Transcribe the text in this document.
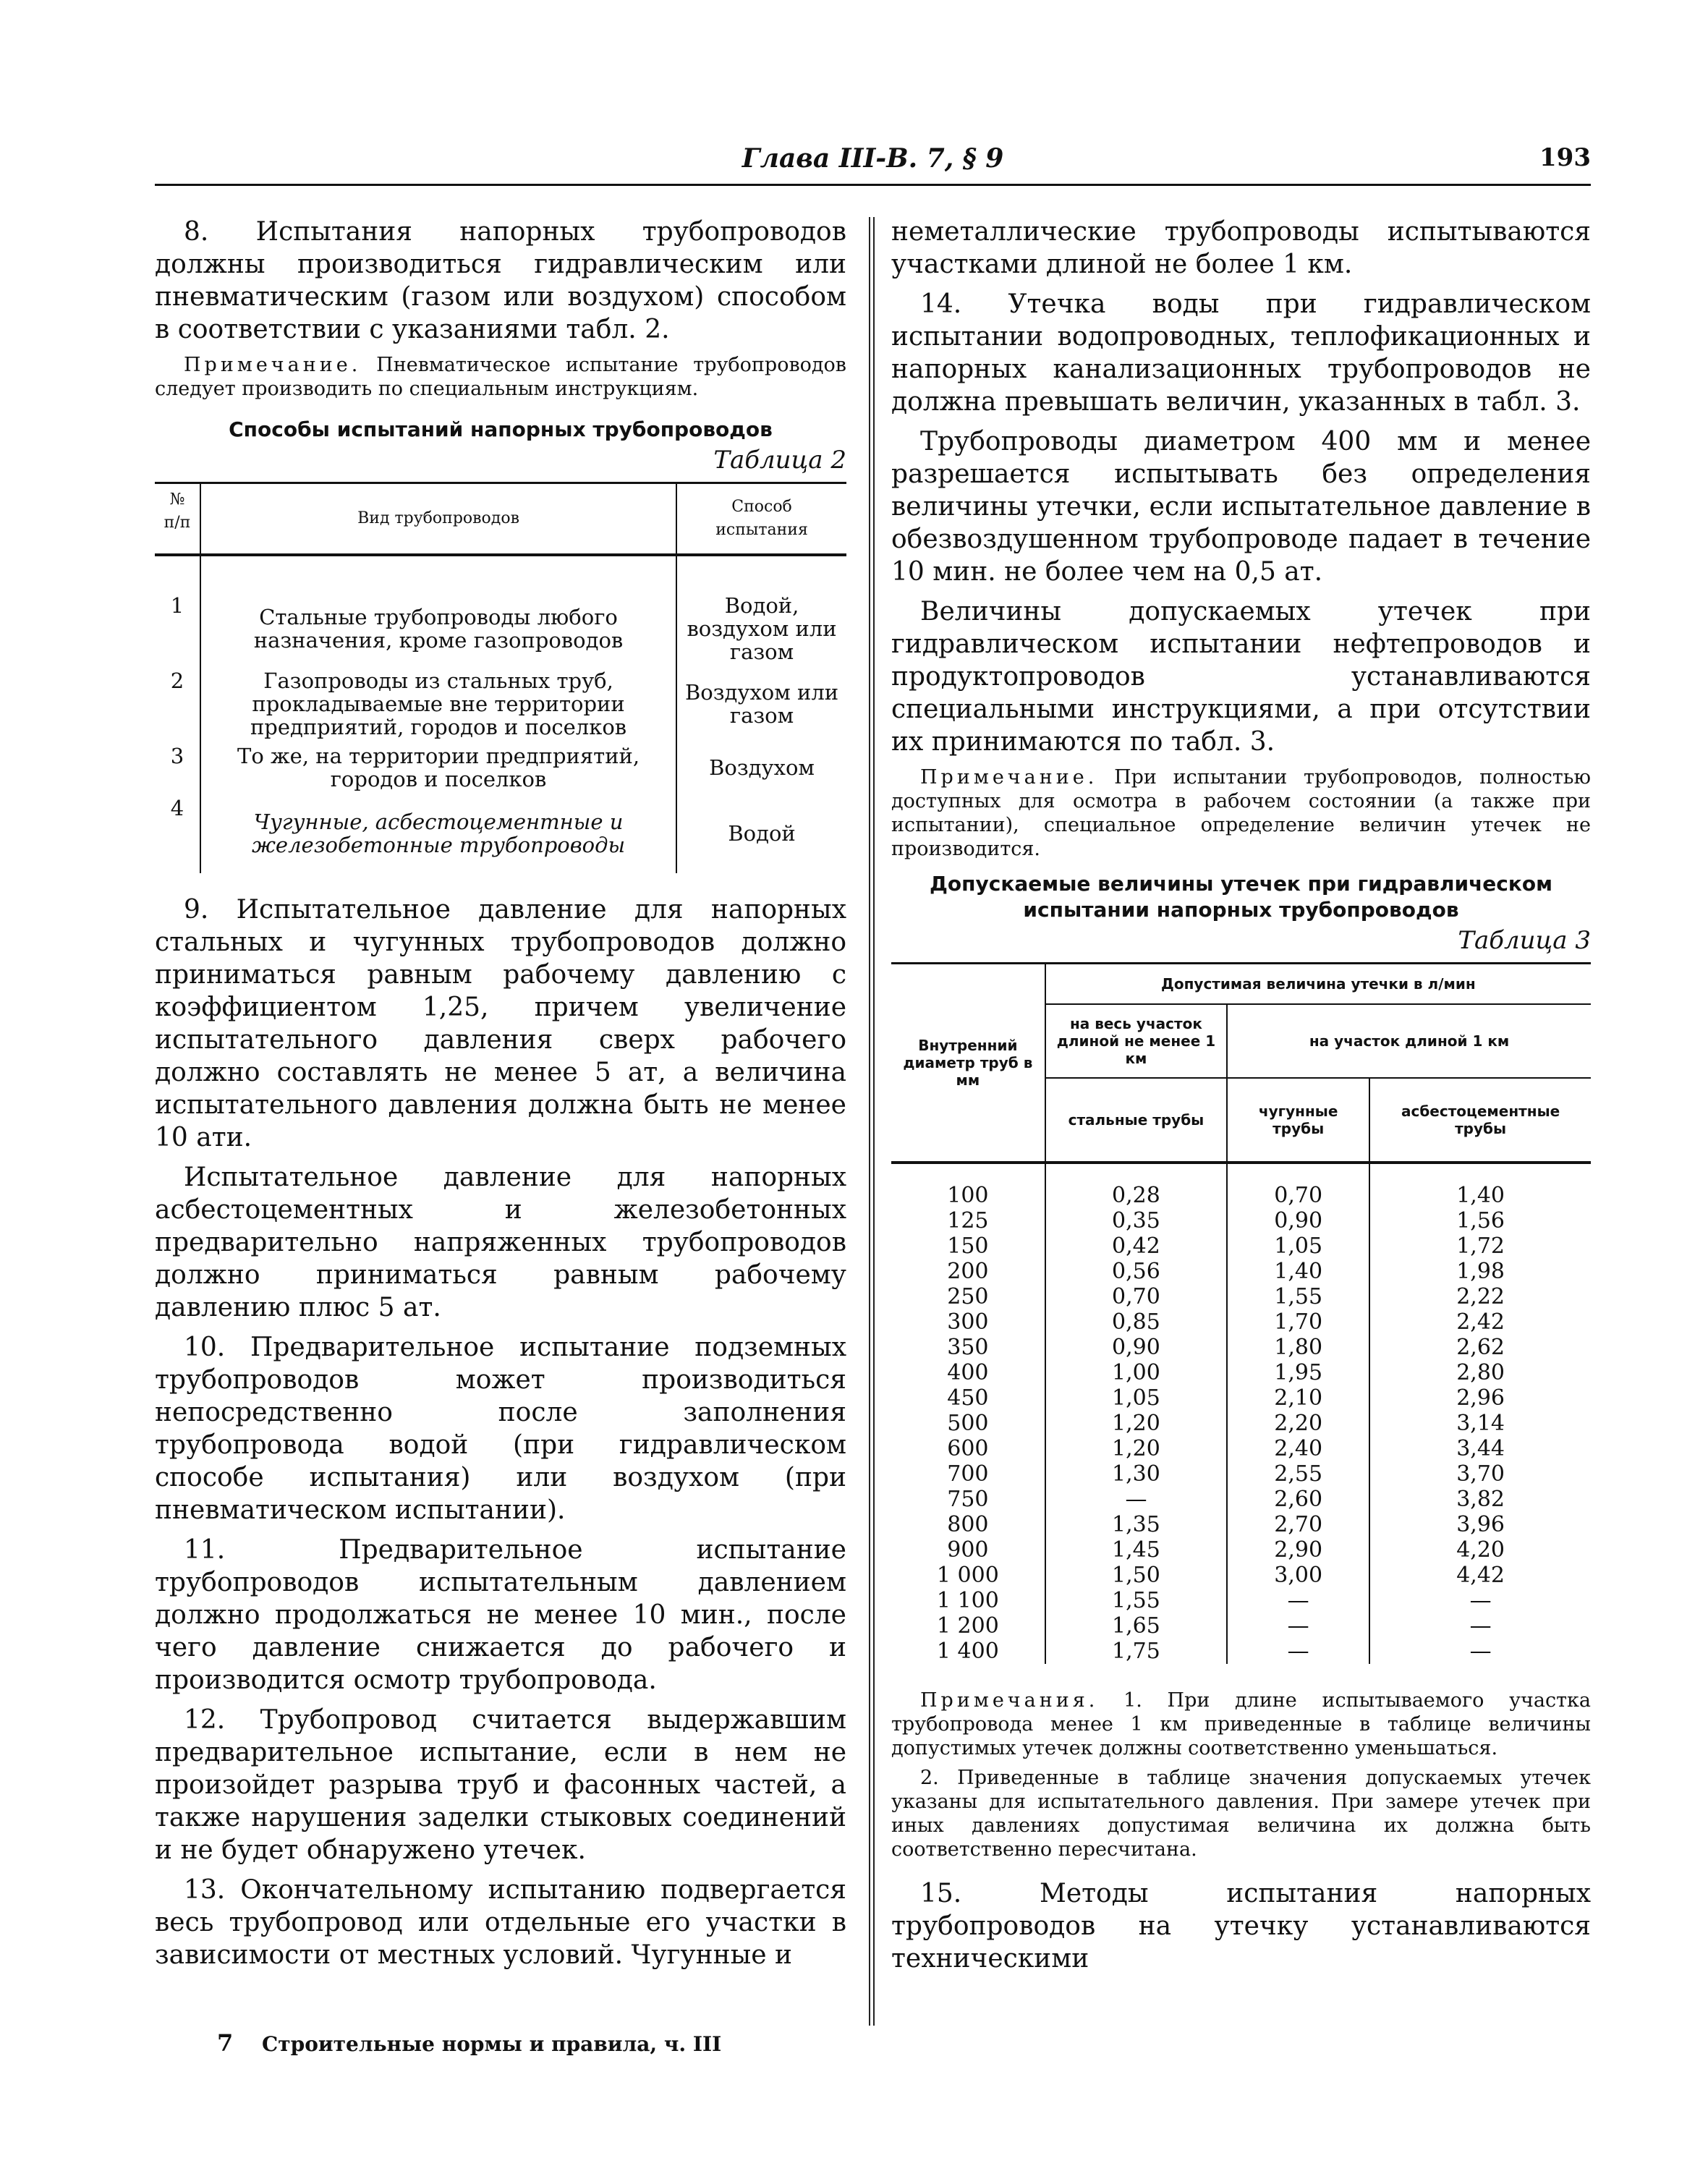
Глава III-В. 7, § 9	193

8. Испытания напорных трубопроводов должны производиться гидравлическим или пневматическим (газом или воздухом) способом в соответствии с указаниями табл. 2.

Примечание. Пневматическое испытание трубопроводов следует производить по специальным инструкциям.

Способы испытаний напорных трубопроводов
Таблица 2
№ п/п	Вид трубопроводов	Способ испытания
1	Стальные трубопроводы любого назначения, кроме газопроводов	Водой, воздухом или газом
2	Газопроводы из стальных труб, прокладываемые вне территории предприятий, городов и поселков	Воздухом или газом
3	То же, на территории предприятий, городов и поселков	Воздухом
4	Чугунные, асбестоцементные и железобетонные трубопроводы	Водой

9. Испытательное давление для напорных стальных и чугунных трубопроводов должно приниматься равным рабочему давлению с коэффициентом 1,25, причем увеличение испытательного давления сверх рабочего должно составлять не менее 5 ат, а величина испытательного давления должна быть не менее 10 ати.

Испытательное давление для напорных асбестоцементных и железобетонных предварительно напряженных трубопроводов должно приниматься равным рабочему давлению плюс 5 ат.

10. Предварительное испытание подземных трубопроводов может производиться непосредственно после заполнения трубопровода водой (при гидравлическом способе испытания) или воздухом (при пневматическом испытании).

11. Предварительное испытание трубопроводов испытательным давлением должно продолжаться не менее 10 мин., после чего давление снижается до рабочего и производится осмотр трубопровода.

12. Трубопровод считается выдержавшим предварительное испытание, если в нем не произойдет разрыва труб и фасонных частей, а также нарушения заделки стыковых соединений и не будет обнаружено утечек.

13. Окончательному испытанию подвергается весь трубопровод или отдельные его участки в зависимости от местных условий. Чугунные и

неметаллические трубопроводы испытываются участками длиной не более 1 км.

14. Утечка воды при гидравлическом испытании водопроводных, теплофикационных и напорных канализационных трубопроводов не должна превышать величин, указанных в табл. 3.

Трубопроводы диаметром 400 мм и менее разрешается испытывать без определения величины утечки, если испытательное давление в обезвоздушенном трубопроводе падает в течение 10 мин. не более чем на 0,5 ат.

Величины допускаемых утечек при гидравлическом испытании нефтепроводов и продуктопроводов устанавливаются специальными инструкциями, а при отсутствии их принимаются по табл. 3.

Примечание. При испытании трубопроводов, полностью доступных для осмотра в рабочем состоянии (а также при испытании), специальное определение величин утечек не производится.

Допускаемые величины утечек при гидравлическом
испытании напорных трубопроводов
Таблица 3
Внутренний диаметр труб в мм	Допустимая величина утечки в л/мин		
	на весь участок длиной не менее 1 км	на участок длиной 1 км	
	стальные трубы	чугунные трубы	асбестоцементные трубы
100	0,28	0,70	1,40
125	0,35	0,90	1,56
150	0,42	1,05	1,72
200	0,56	1,40	1,98
250	0,70	1,55	2,22
300	0,85	1,70	2,42
350	0,90	1,80	2,62
400	1,00	1,95	2,80
450	1,05	2,10	2,96
500	1,20	2,20	3,14
600	1,20	2,40	3,44
700	1,30	2,55	3,70
750	—	2,60	3,82
800	1,35	2,70	3,96
900	1,45	2,90	4,20
1 000	1,50	3,00	4,42
1 100	1,55	—	—
1 200	1,65	—	—
1 400	1,75	—	—

Примечания. 1. При длине испытываемого участка трубопровода менее 1 км приведенные в таблице величины допустимых утечек должны соответственно уменьшаться.

2. Приведенные в таблице значения допускаемых утечек указаны для испытательного давления. При замере утечек при иных давлениях допустимая величина их должна быть соответственно пересчитана.

15. Методы испытания напорных трубопроводов на утечку устанавливаются техническими

7 Строительные нормы и правила, ч. III
